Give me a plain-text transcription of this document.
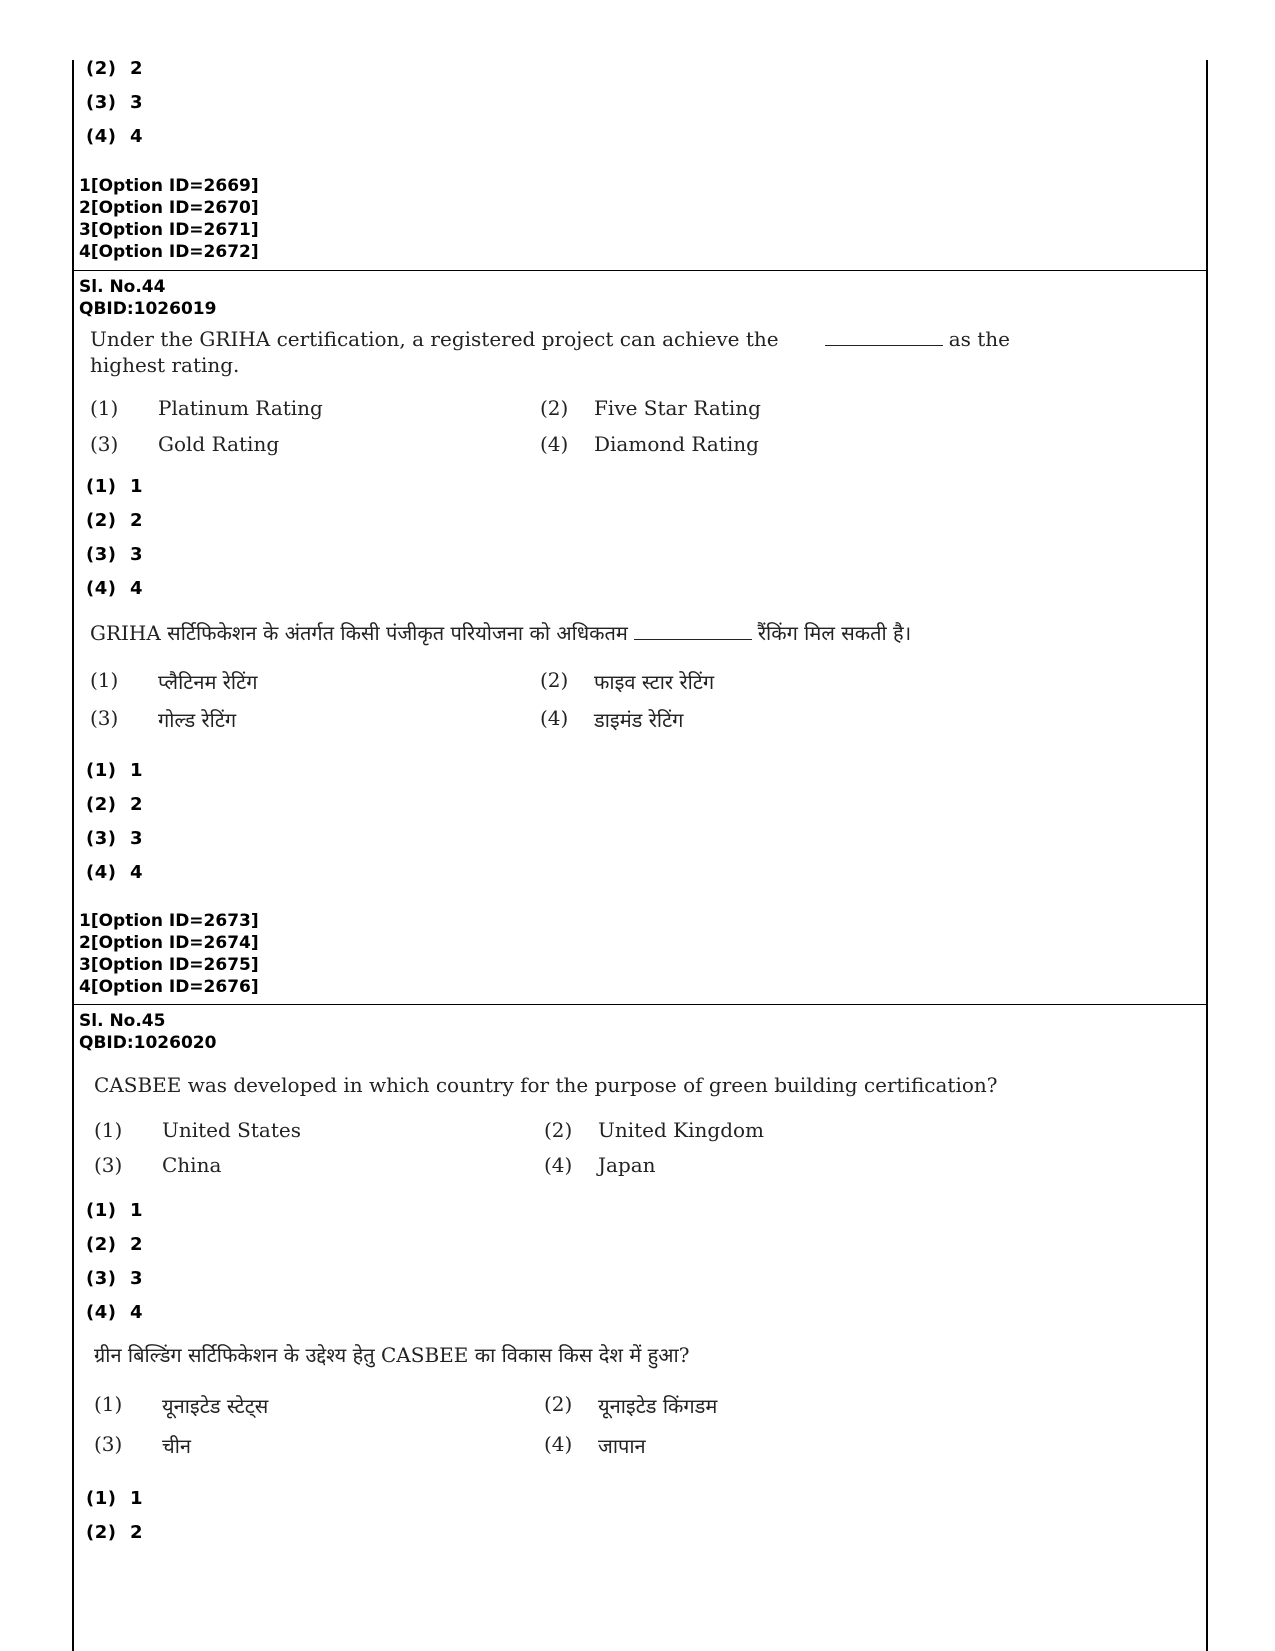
(2)  2
(3)  3
(4)  4
1[Option ID=2669]
2[Option ID=2670]
3[Option ID=2671]
4[Option ID=2672]
Sl. No.44
QBID:1026019
Under the GRIHA certification, a registered project can achieve the	as the
highest rating.
(1) Platinum Rating	(2) Five Star Rating
(3) Gold Rating	(4) Diamond Rating
(1)  1
(2)  2
(3)  3
(4)  4
GRIHA सर्टिफिकेशन के अंतर्गत किसी पंजीकृत परियोजना को अधिकतम	रैंकिंग मिल सकती है।
(1) प्लैटिनम रेटिंग	(2) फाइव स्टार रेटिंग
(3) गोल्ड रेटिंग	(4) डाइमंड रेटिंग
(1)  1
(2)  2
(3)  3
(4)  4
1[Option ID=2673]
2[Option ID=2674]
3[Option ID=2675]
4[Option ID=2676]
Sl. No.45
QBID:1026020
CASBEE was developed in which country for the purpose of green building certification?
(1) United States	(2) United Kingdom
(3) China	(4) Japan
(1)  1
(2)  2
(3)  3
(4)  4
ग्रीन बिल्डिंग सर्टिफिकेशन के उद्देश्य हेतु CASBEE का विकास किस देश में हुआ?
(1) यूनाइटेड स्टेट्स	(2) यूनाइटेड किंगडम
(3) चीन	(4) जापान
(1)  1
(2)  2
